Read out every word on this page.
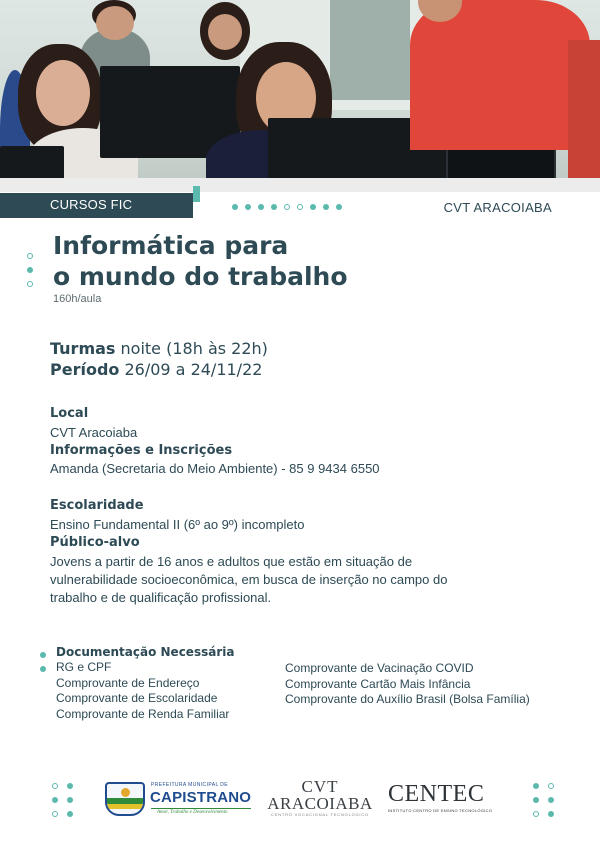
CURSOS FIC	CVT ARACOIABA
Informática para
o mundo do trabalho
160h/aula
Turmas noite (18h às 22h)
Período 26/09 a 24/11/22
Local
CVT Aracoiaba
Informações e Inscrições
Amanda (Secretaria do Meio Ambiente) - 85 9 9434 6550
Escolaridade
Ensino Fundamental II (6º ao 9º) incompleto
Público-alvo
Jovens a partir de 16 anos e adultos que estão em situação de vulnerabilidade socioeconômica, em busca de inserção no campo do trabalho e de qualificação profissional.
Documentação Necessária
RG e CPF
Comprovante de Endereço
Comprovante de Escolaridade
Comprovante de Renda Familiar
Comprovante de Vacinação COVID
Comprovante Cartão Mais Infância
Comprovante do Auxílio Brasil (Bolsa Família)
PREFEITURA MUNICIPAL DE
CAPISTRANO
Amor, Trabalho e Desenvolvimento
CVT
ARACOIABA
CENTRO VOCACIONAL TECNOLÓGICO
CENTEC
INSTITUTO CENTRO DE ENSINO TECNOLÓGICO
